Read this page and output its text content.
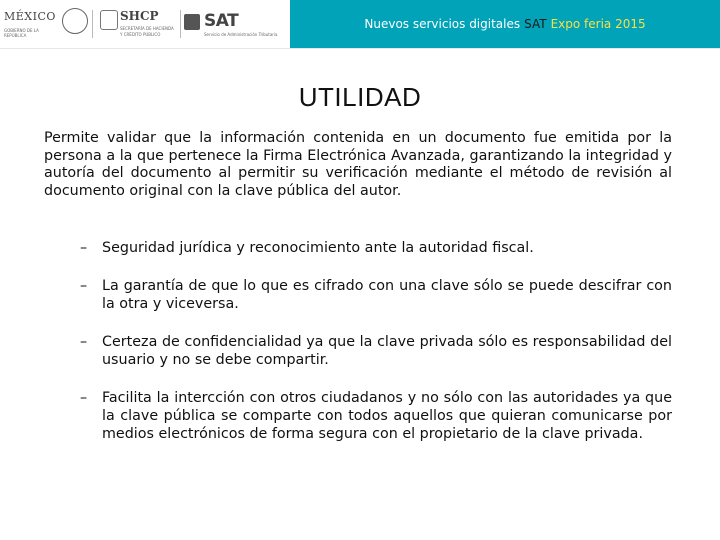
MÉXICO
GOBIERNO DE LA REPÚBLICA
SHCP
SECRETARÍA DE HACIENDA Y CRÉDITO PÚBLICO
SAT
Servicio de Administración Tributaria
Nuevos servicios digitales SAT Expo feria 2015
UTILIDAD
Permite validar que la información contenida en un documento fue emitida por la persona a la que pertenece la Firma Electrónica Avanzada, garantizando la integridad y autoría del documento al permitir su verificación mediante el método de revisión al documento original con la clave pública del autor.
– Seguridad jurídica y reconocimiento ante la autoridad fiscal.
– La garantía de que lo que es cifrado con una clave sólo se puede descifrar con la otra y viceversa.
– Certeza de confidencialidad ya que la clave privada sólo es responsabilidad del usuario y no se debe compartir.
– Facilita la intercción con otros ciudadanos y no sólo con las autoridades ya que la clave pública se comparte con todos aquellos que quieran comunicarse por medios electrónicos de forma segura con el propietario de la clave privada.
